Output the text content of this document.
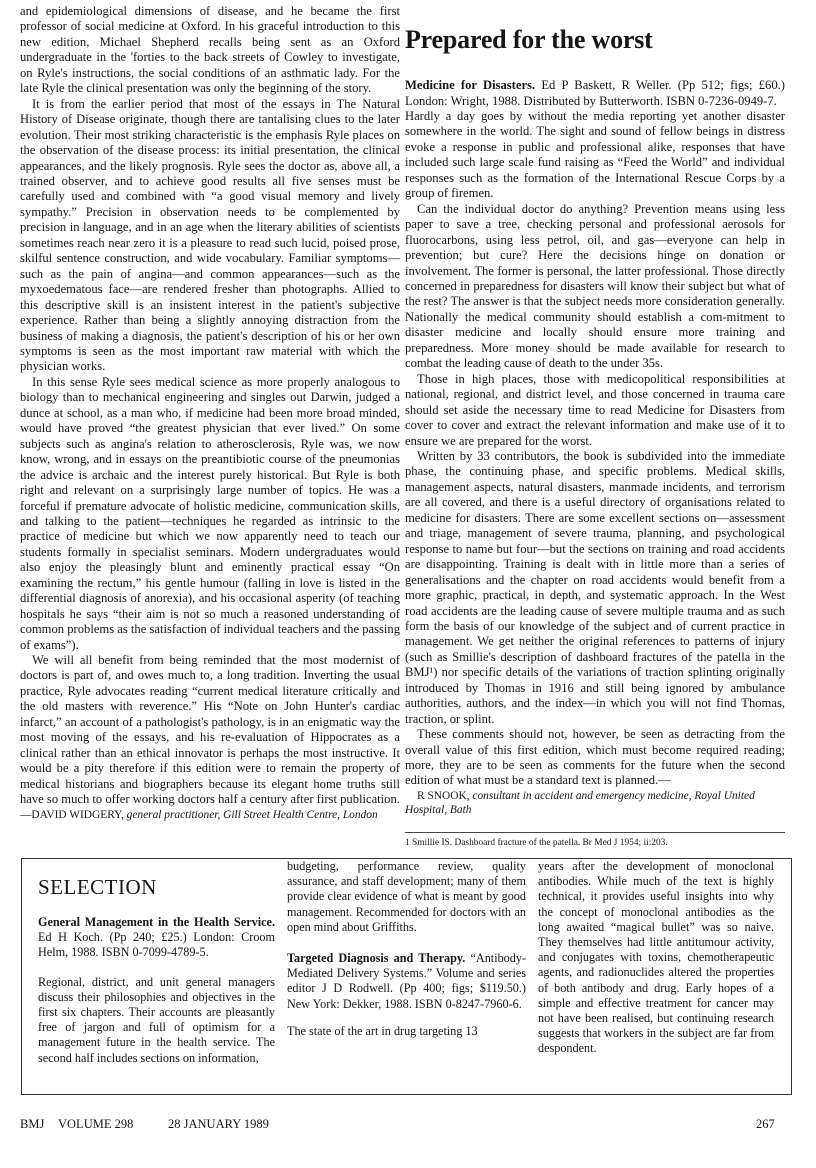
and epidemiological dimensions of disease, and he became the first professor of social medicine at Oxford. In his graceful introduction to this new edition, Michael Shepherd recalls being sent as an Oxford undergraduate in the 'forties to the back streets of Cowley to investigate, on Ryle's instructions, the social conditions of an asthmatic lady. For the late Ryle the clinical presentation was only the beginning of the story.

It is from the earlier period that most of the essays in The Natural History of Disease originate, though there are tantalising clues to the later evolution. Their most striking characteristic is the emphasis Ryle places on the observation of the disease process: its initial presentation, the clinical appearances, and the likely prognosis. Ryle sees the doctor as, above all, a trained observer, and to achieve good results all five senses must be carefully used and combined with “a good visual memory and lively sympathy.” Precision in observation needs to be complemented by precision in language, and in an age when the literary abilities of scientists sometimes reach near zero it is a pleasure to read such lucid, poised prose, skilful sentence construction, and wide vocabulary. Familiar symptoms—such as the pain of angina—and common appearances—such as the myxoedematous face—are rendered fresher than photographs. Allied to this descriptive skill is an insistent interest in the patient's subjective experience. Rather than being a slightly annoying distraction from the business of making a diagnosis, the patient's description of his or her own symptoms is seen as the most important raw material with which the physician works.

In this sense Ryle sees medical science as more properly analogous to biology than to mechanical engineering and singles out Darwin, judged a dunce at school, as a man who, if medicine had been more broad minded, would have proved “the greatest physician that ever lived.” On some subjects such as angina's relation to atherosclerosis, Ryle was, we now know, wrong, and in essays on the preantibiotic course of the pneumonias the advice is archaic and the interest purely historical. But Ryle is both right and relevant on a surprisingly large number of topics. He was a forceful if premature advocate of holistic medicine, communication skills, and talking to the patient—techniques he regarded as intrinsic to the practice of medicine but which we now apparently need to teach our students formally in specialist seminars. Modern undergraduates would also enjoy the pleasingly blunt and eminently practical essay “On examining the rectum,” his gentle humour (falling in love is listed in the differential diagnosis of anorexia), and his occasional asperity (of teaching hospitals he says “their aim is not so much a reasoned understanding of common problems as the satisfaction of individual teachers and the passing of exams”).

We will all benefit from being reminded that the most modernist of doctors is part of, and owes much to, a long tradition. Inverting the usual practice, Ryle advocates reading “current medical literature critically and the old masters with reverence.” His “Note on John Hunter's cardiac infarct,” an account of a pathologist's pathology, is in an enigmatic way the most moving of the essays, and his re-evaluation of Hippocrates as a clinical rather than an ethical innovator is perhaps the most instructive. It would be a pity therefore if this edition were to remain the property of medical historians and biographers because its elegant home truths still have so much to offer working doctors half a century after first publication.

—DAVID WIDGERY, general practitioner, Gill Street Health Centre, London

Prepared for the worst

Medicine for Disasters. Ed P Baskett, R Weller. (Pp 512; figs; £60.) London: Wright, 1988. Distributed by Butterworth. ISBN 0-7236-0949-7.

Hardly a day goes by without the media reporting yet another disaster somewhere in the world. The sight and sound of fellow beings in distress evoke a response in public and professional alike, responses that have included such large scale fund raising as “Feed the World” and individual responses such as the formation of the International Rescue Corps by a group of firemen.

Can the individual doctor do anything? Prevention means using less paper to save a tree, checking personal and professional aerosols for fluorocarbons, using less petrol, oil, and gas—everyone can help in prevention; but cure? Here the decisions hinge on donation or involvement. The former is personal, the latter professional. Those directly concerned in preparedness for disasters will know their subject but what of the rest? The answer is that the subject needs more consideration generally. Nationally the medical community should establish a com-mitment to disaster medicine and locally should ensure more training and preparedness. More money should be made available for research to combat the leading cause of death to the under 35s.

Those in high places, those with medicopolitical responsibilities at national, regional, and district level, and those concerned in trauma care should set aside the necessary time to read Medicine for Disasters from cover to cover and extract the relevant information and make use of it to ensure we are prepared for the worst.

Written by 33 contributors, the book is subdivided into the immediate phase, the continuing phase, and specific problems. Medical skills, management aspects, natural disasters, manmade incidents, and terrorism are all covered, and there is a useful directory of organisations related to medicine for disasters. There are some excellent sections on—assessment and triage, management of severe trauma, planning, and psychological response to name but four—but the sections on training and road accidents are disappointing. Training is dealt with in little more than a series of generalisations and the chapter on road accidents would benefit from a more graphic, practical, in depth, and systematic approach. In the West road accidents are the leading cause of severe multiple trauma and as such form the basis of our knowledge of the subject and of current practice in management. We get neither the original references to patterns of injury (such as Smillie's description of dashboard fractures of the patella in the BMJ¹) nor specific details of the variations of traction splinting originally introduced by Thomas in 1916 and still being ignored by ambulance authorities, authors, and the index—in which you will not find Thomas, traction, or splint.

These comments should not, however, be seen as detracting from the overall value of this first edition, which must become required reading; more, they are to be seen as comments for the future when the second edition of what must be a standard text is planned.—

R SNOOK, consultant in accident and emergency medicine, Royal United Hospital, Bath

1 Smillie IS. Dashboard fracture of the patella. Br Med J 1954; ii:203.

SELECTION

General Management in the Health Service. Ed H Koch. (Pp 240; £25.) London: Croom Helm, 1988. ISBN 0-7099-4789-5.

Regional, district, and unit general managers discuss their philosophies and objectives in the first six chapters. Their accounts are pleasantly free of jargon and full of optimism for a management future in the health service. The second half includes sections on information,

budgeting, performance review, quality assurance, and staff development; many of them provide clear evidence of what is meant by good management. Recommended for doctors with an open mind about Griffiths.

Targeted Diagnosis and Therapy. “Antibody-Mediated Delivery Systems.” Volume and series editor J D Rodwell. (Pp 400; figs; $119.50.) New York: Dekker, 1988. ISBN 0-8247-7960-6.

The state of the art in drug targeting 13

years after the development of monoclonal antibodies. While much of the text is highly technical, it provides useful insights into why the concept of monoclonal antibodies as the long awaited “magical bullet” was so naive. They themselves had little antitumour activity, and conjugates with toxins, chemotherapeutic agents, and radionuclides altered the properties of both antibody and drug. Early hopes of a simple and effective treatment for cancer may not have been realised, but continuing research suggests that workers in the subject are far from despondent.

BMJ VOLUME 298	28 JANUARY 1989	267
